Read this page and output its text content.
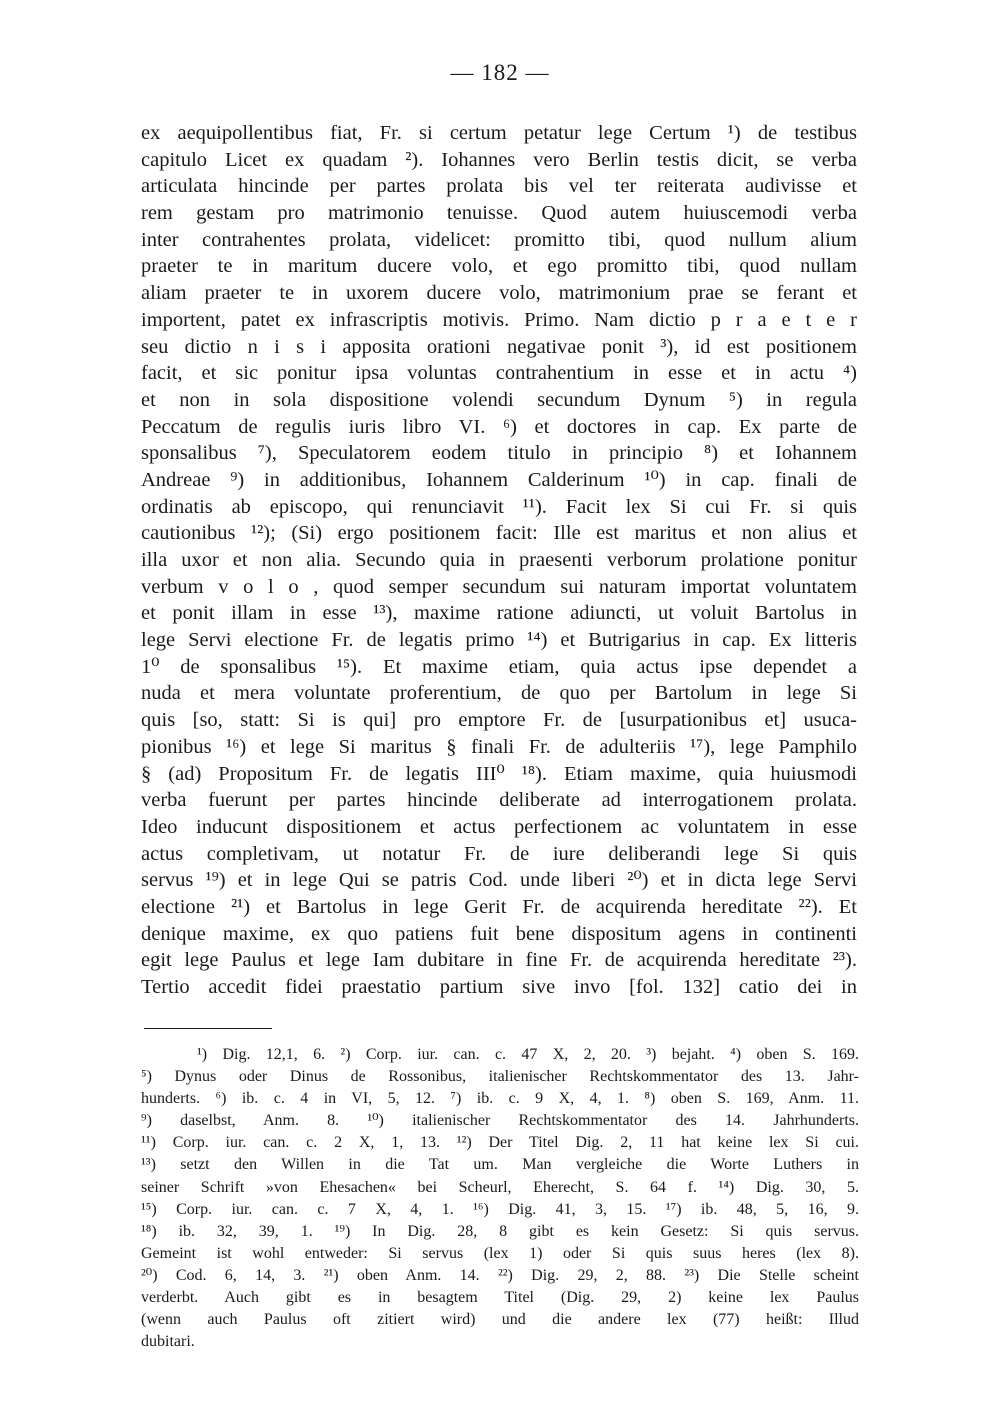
— 182 —
ex aequipollentibus fiat, Fr. si certum petatur lege Certum ¹) de testibus
capitulo Licet ex quadam ²). Iohannes vero Berlin testis dicit, se verba
articulata hincinde per partes prolata bis vel ter reiterata audivisse et
rem gestam pro matrimonio tenuisse. Quod autem huiuscemodi verba
inter contrahentes prolata, videlicet: promitto tibi, quod nullum alium
praeter te in maritum ducere volo, et ego promitto tibi, quod nullam
aliam praeter te in uxorem ducere volo, matrimonium prae se ferant et
importent, patet ex infrascriptis motivis. Primo. Nam dictio p r a e t e r
seu dictio n i s i apposita orationi negativae ponit ³), id est positionem
facit, et sic ponitur ipsa voluntas contrahentium in esse et in actu ⁴)
et non in sola dispositione volendi secundum Dynum ⁵) in regula
Peccatum de regulis iuris libro VI. ⁶) et doctores in cap. Ex parte de
sponsalibus ⁷), Speculatorem eodem titulo in principio ⁸) et Iohannem
Andreae ⁹) in additionibus, Iohannem Calderinum ¹⁰) in cap. finali de
ordinatis ab episcopo, qui renunciavit ¹¹). Facit lex Si cui Fr. si quis
cautionibus ¹²); (Si) ergo positionem facit: Ille est maritus et non alius et
illa uxor et non alia. Secundo quia in praesenti verborum prolatione ponitur
verbum v o l o , quod semper secundum sui naturam importat voluntatem
et ponit illam in esse ¹³), maxime ratione adiuncti, ut voluit Bartolus in
lege Servi electione Fr. de legatis primo ¹⁴) et Butrigarius in cap. Ex litteris
1⁰ de sponsalibus ¹⁵). Et maxime etiam, quia actus ipse dependet a
nuda et mera voluntate proferentium, de quo per Bartolum in lege Si
quis [so, statt: Si is qui] pro emptore Fr. de [usurpationibus et] usuca-
pionibus ¹⁶) et lege Si maritus § finali Fr. de adulteriis ¹⁷), lege Pamphilo
§ (ad) Propositum Fr. de legatis III⁰ ¹⁸). Etiam maxime, quia huiusmodi
verba fuerunt per partes hincinde deliberate ad interrogationem prolata.
Ideo inducunt dispositionem et actus perfectionem ac voluntatem in esse
actus completivam, ut notatur Fr. de iure deliberandi lege Si quis
servus ¹⁹) et in lege Qui se patris Cod. unde liberi ²⁰) et in dicta lege Servi
electione ²¹) et Bartolus in lege Gerit Fr. de acquirenda hereditate ²²). Et
denique maxime, ex quo patiens fuit bene dispositum agens in continenti
egit lege Paulus et lege Iam dubitare in fine Fr. de acquirenda hereditate ²³).
Tertio accedit fidei praestatio partium sive invo [fol. 132] catio dei in
¹) Dig. 12,1, 6. ²) Corp. iur. can. c. 47 X, 2, 20. ³) bejaht. ⁴) oben S. 169.
⁵) Dynus oder Dinus de Rossonibus, italienischer Rechtskommentator des 13. Jahr-
hunderts. ⁶) ib. c. 4 in VI, 5, 12. ⁷) ib. c. 9 X, 4, 1. ⁸) oben S. 169, Anm. 11.
⁹) daselbst, Anm. 8. ¹⁰) italienischer Rechtskommentator des 14. Jahrhunderts.
¹¹) Corp. iur. can. c. 2 X, 1, 13. ¹²) Der Titel Dig. 2, 11 hat keine lex Si cui.
¹³) setzt den Willen in die Tat um. Man vergleiche die Worte Luthers in
seiner Schrift »von Ehesachen« bei Scheurl, Eherecht, S. 64 f. ¹⁴) Dig. 30, 5.
¹⁵) Corp. iur. can. c. 7 X, 4, 1. ¹⁶) Dig. 41, 3, 15. ¹⁷) ib. 48, 5, 16, 9.
¹⁸) ib. 32, 39, 1. ¹⁹) In Dig. 28, 8 gibt es kein Gesetz: Si quis servus.
Gemeint ist wohl entweder: Si servus (lex 1) oder Si quis suus heres (lex 8).
²⁰) Cod. 6, 14, 3. ²¹) oben Anm. 14. ²²) Dig. 29, 2, 88. ²³) Die Stelle scheint
verderbt. Auch gibt es in besagtem Titel (Dig. 29, 2) keine lex Paulus
(wenn auch Paulus oft zitiert wird) und die andere lex (77) heißt: Illud
dubitari.
